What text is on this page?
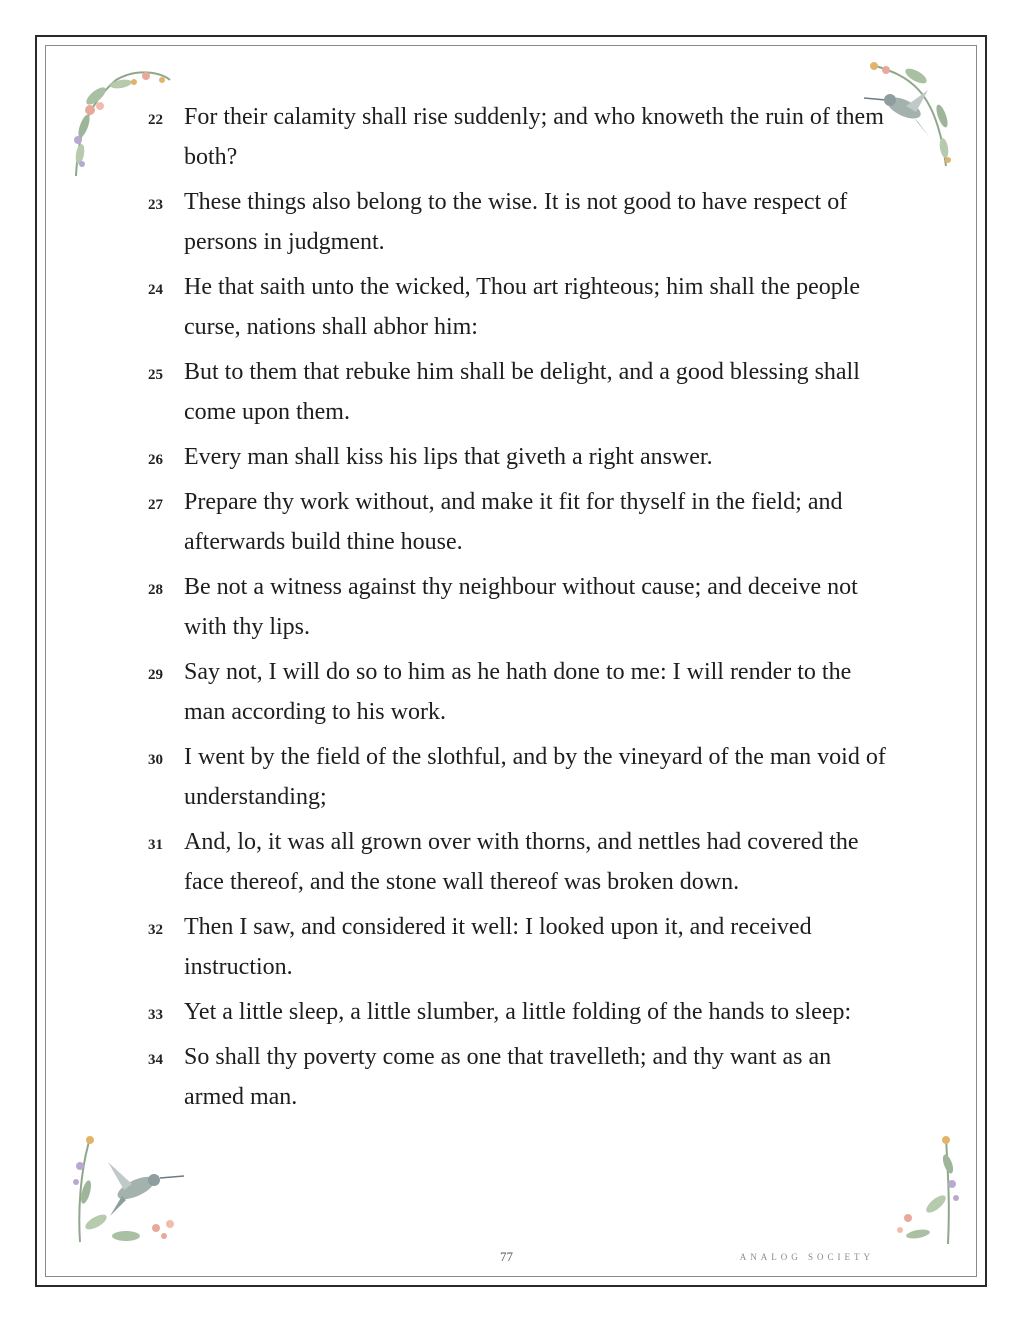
22 For their calamity shall rise suddenly; and who knoweth the ruin of them both?
23 These things also belong to the wise. It is not good to have respect of persons in judgment.
24 He that saith unto the wicked, Thou art righteous; him shall the people curse, nations shall abhor him:
25 But to them that rebuke him shall be delight, and a good blessing shall come upon them.
26 Every man shall kiss his lips that giveth a right answer.
27 Prepare thy work without, and make it fit for thyself in the field; and afterwards build thine house.
28 Be not a witness against thy neighbour without cause; and deceive not with thy lips.
29 Say not, I will do so to him as he hath done to me: I will render to the man according to his work.
30 I went by the field of the slothful, and by the vineyard of the man void of understanding;
31 And, lo, it was all grown over with thorns, and nettles had covered the face thereof, and the stone wall thereof was broken down.
32 Then I saw, and considered it well: I looked upon it, and received instruction.
33 Yet a little sleep, a little slumber, a little folding of the hands to sleep:
34 So shall thy poverty come as one that travelleth; and thy want as an armed man.
77	ANALOG SOCIETY
